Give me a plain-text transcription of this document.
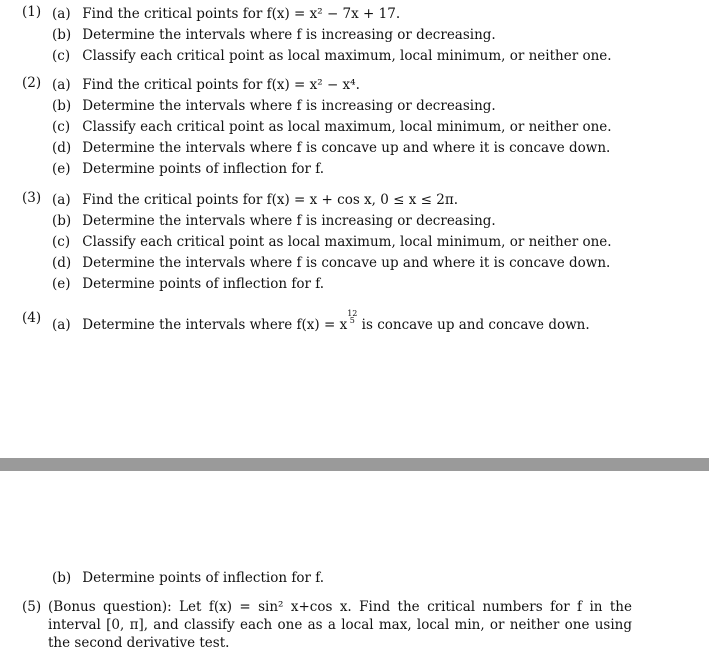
(1) (a) Find the critical points for f(x) = x² − 7x + 17.
(b) Determine the intervals where f is increasing or decreasing.
(c) Classify each critical point as local maximum, local minimum, or neither one.
(2) (a) Find the critical points for f(x) = x² − x⁴.
(b) Determine the intervals where f is increasing or decreasing.
(c) Classify each critical point as local maximum, local minimum, or neither one.
(d) Determine the intervals where f is concave up and where it is concave down.
(e) Determine points of inflection for f.
(3) (a) Find the critical points for f(x) = x + cos x, 0 ≤ x ≤ 2π.
(b) Determine the intervals where f is increasing or decreasing.
(c) Classify each critical point as local maximum, local minimum, or neither one.
(d) Determine the intervals where f is concave up and where it is concave down.
(e) Determine points of inflection for f.
(4) (a) Determine the intervals where f(x) = x
12
5 is concave up and concave down.
(b) Determine points of inflection for f.
(5) (Bonus question): Let f(x) = sin² x+cos x. Find the critical numbers for f in the interval [0, π], and classify each one as a local max, local min, or neither one using the second derivative test.
